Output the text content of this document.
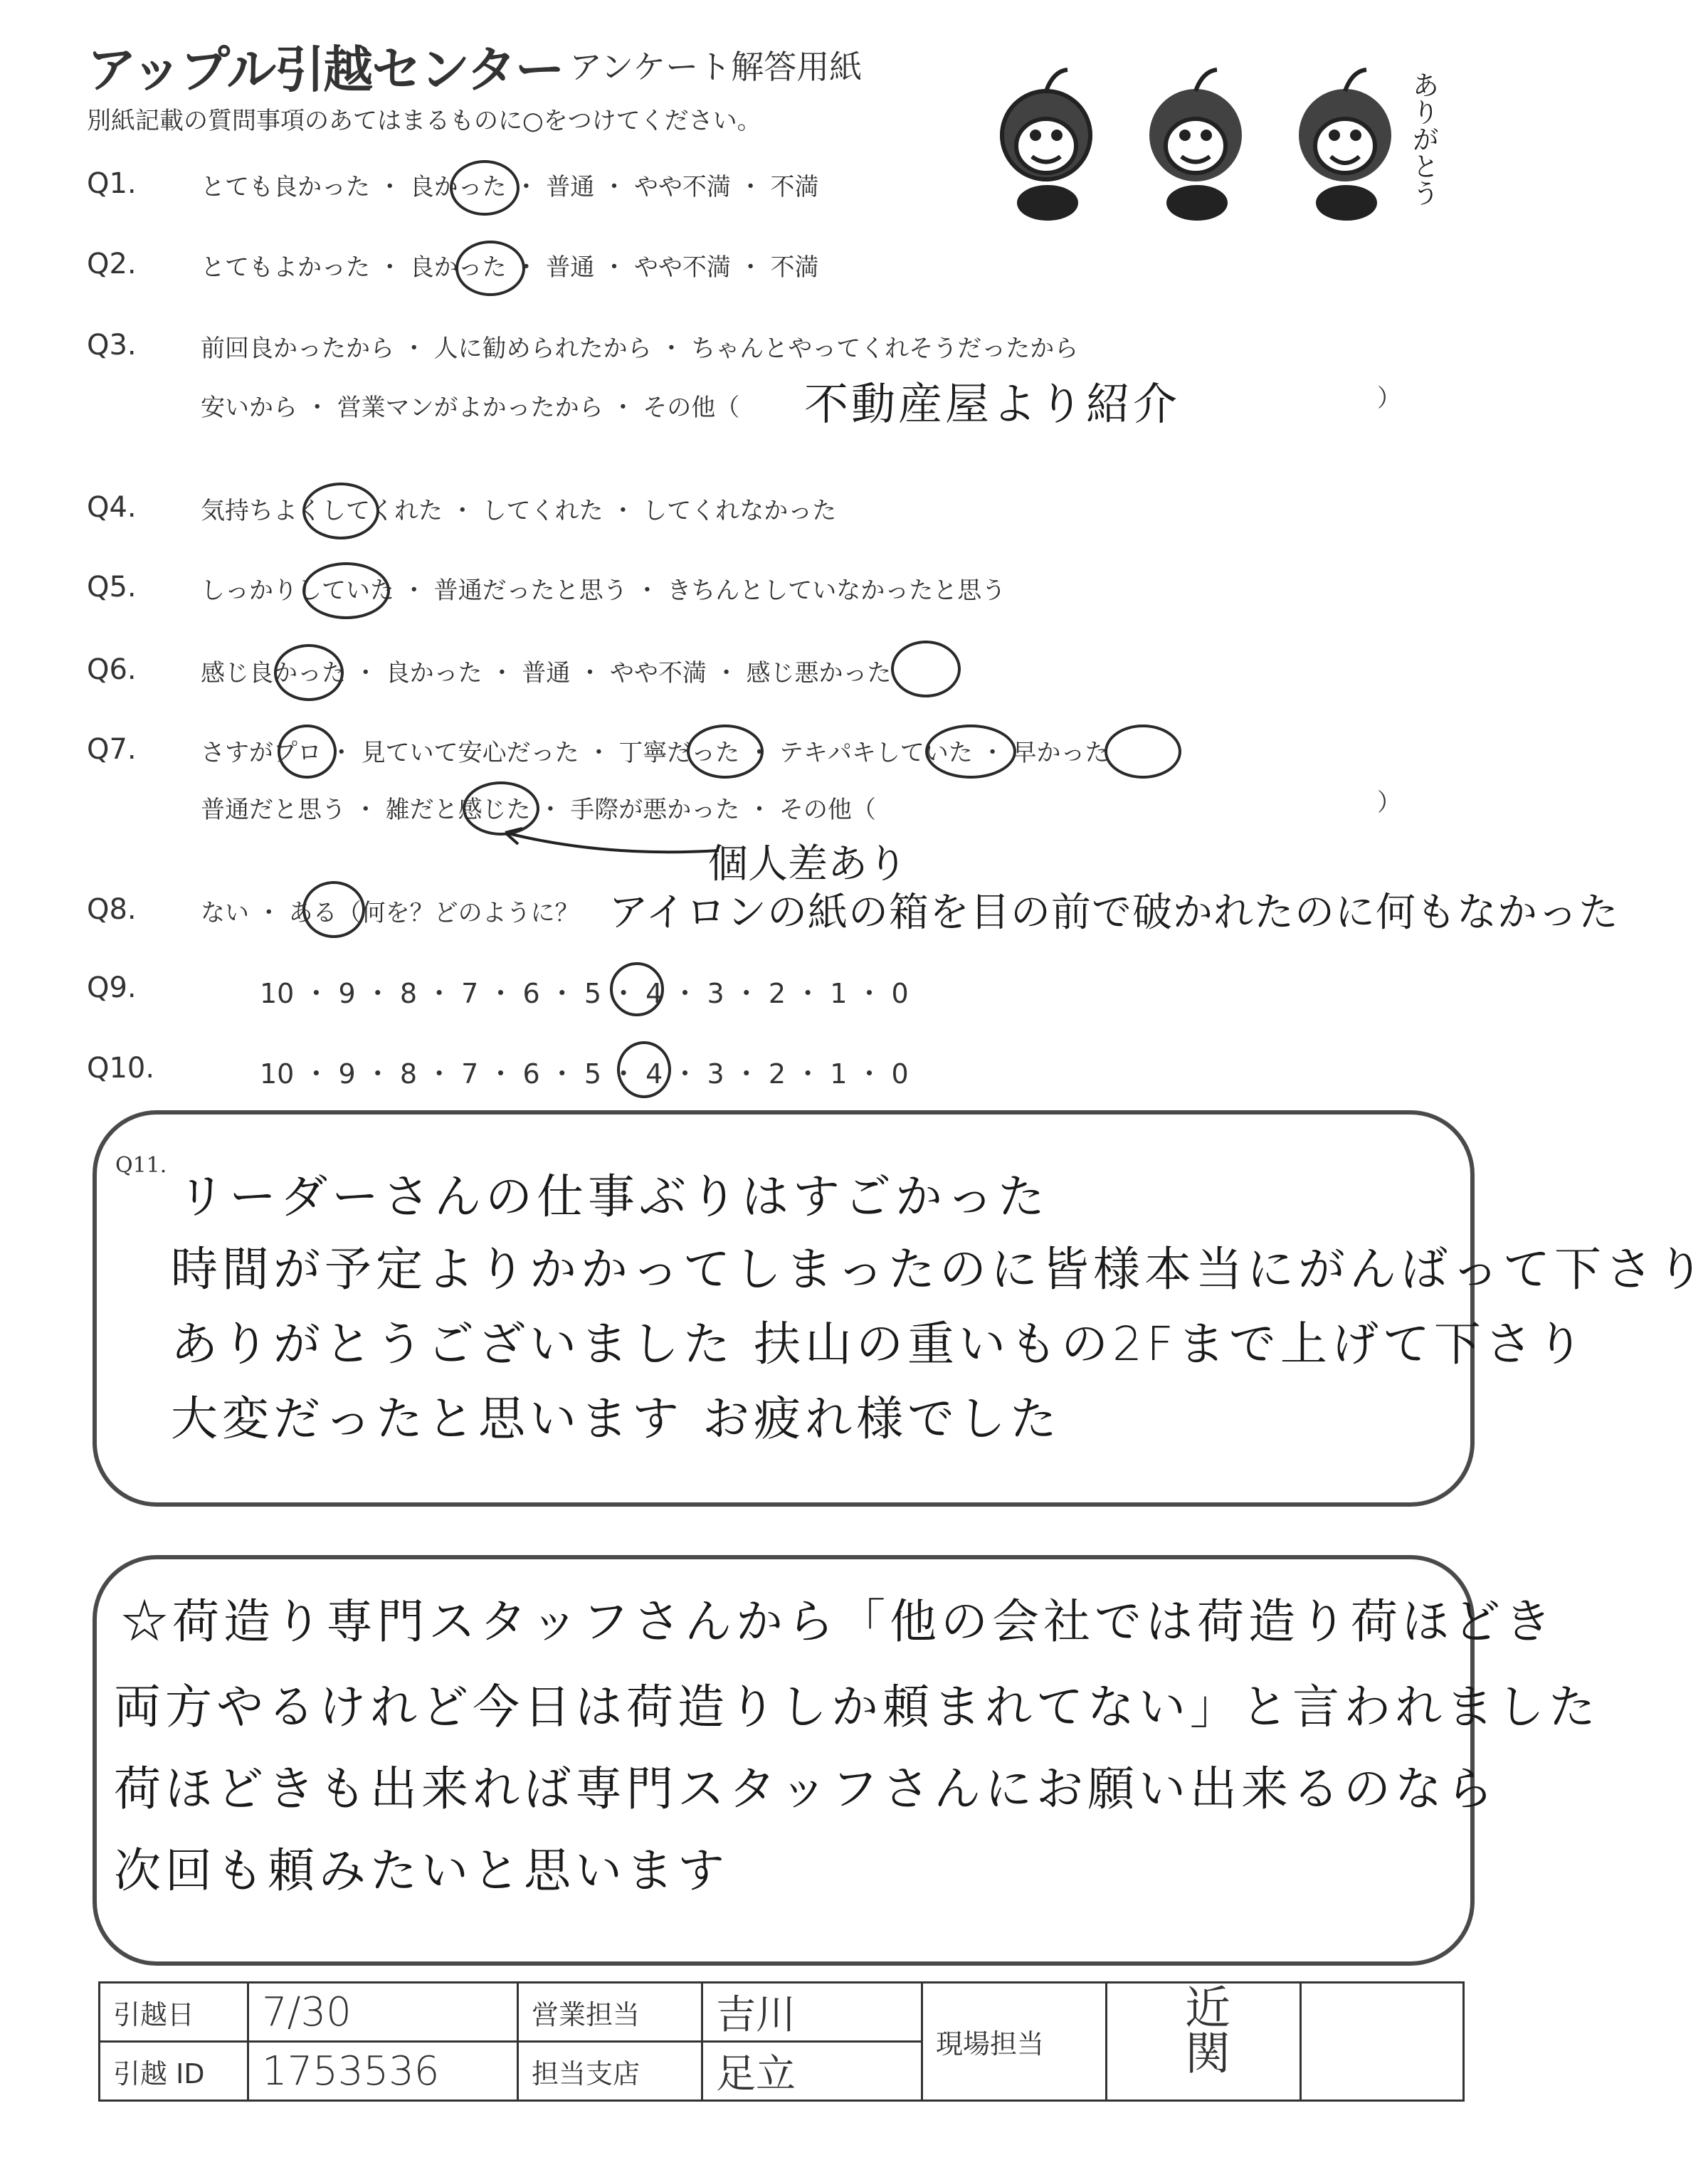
アップル引越センター アンケート解答用紙
別紙記載の質問事項のあてはまるものに○をつけてください。	ありがとう
Q1.	とても良かった ・ 良かった ・ 普通 ・ やや不満 ・ 不満
Q2.	とてもよかった ・ 良かった ・ 普通 ・ やや不満 ・ 不満
Q3.	前回良かったから ・ 人に勧められたから ・ ちゃんとやってくれそうだったから
安いから ・ 営業マンがよかったから ・ その他（ 不動産屋より紹介	）
Q4.	気持ちよくしてくれた ・ してくれた ・ してくれなかった
Q5.	しっかりしていた ・ 普通だったと思う ・ きちんとしていなかったと思う
Q6.	感じ良かった ・ 良かった ・ 普通 ・ やや不満 ・ 感じ悪かった
Q7.	さすがプロ ・ 見ていて安心だった ・ 丁寧だった ・ テキパキしていた ・ 早かった
普通だと思う ・ 雑だと感じた ・ 手際が悪かった ・ その他（	）
個人差あり
Q8.	ない ・ ある（何を？どのように？ アイロンの紙の箱を目の前で破かれたのに何もなかった
Q9.	10 ・ 9 ・ 8 ・ 7 ・ 6 ・ 5 ・ 4 ・ 3 ・ 2 ・ 1 ・ 0
Q10.	10 ・ 9 ・ 8 ・ 7 ・ 6 ・ 5 ・ 4 ・ 3 ・ 2 ・ 1 ・ 0
Q11.
リーダーさんの仕事ぶりはすごかった
時間が予定よりかかってしまったのに皆様本当にがんばって下さり
ありがとうございました 扶山の重いもの2Fまで上げて下さり
大変だったと思います お疲れ様でした
☆荷造り専門スタッフさんから「他の会社では荷造り荷ほどき
両方やるけれど今日は荷造りしか頼まれてない」と言われました
荷ほどきも出来れば専門スタッフさんにお願い出来るのなら
次回も頼みたいと思います
引越日	7/30	営業担当	吉川	現場担当	近関	
引越 ID	1753536	担当支店	足立			
